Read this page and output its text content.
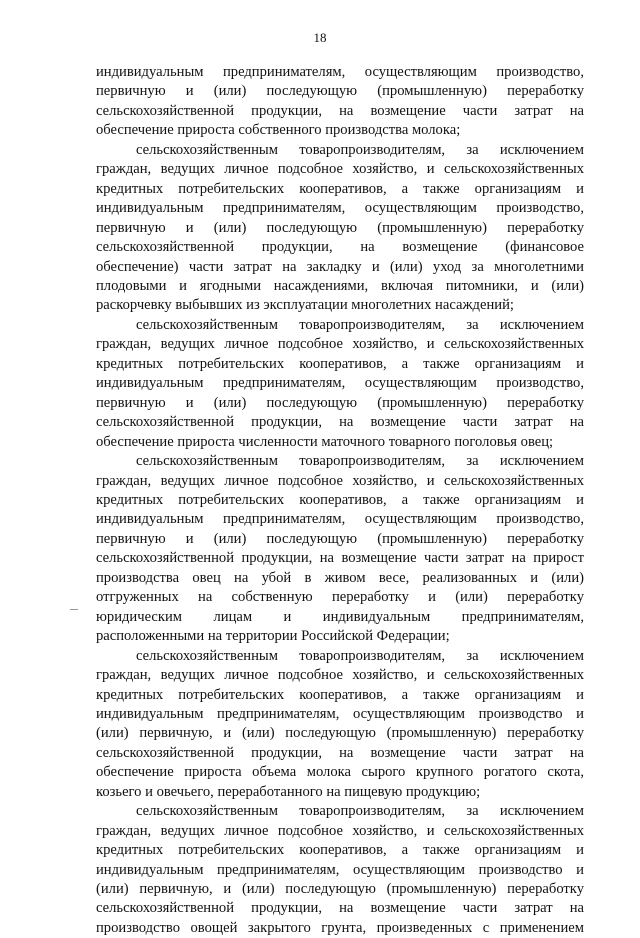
18

индивидуальным предпринимателям, осуществляющим производство,
первичную и (или) последующую (промышленную) переработку
сельскохозяйственной продукции, на возмещение части затрат на
обеспечение прироста собственного производства молока;
сельскохозяйственным товаропроизводителям, за исключением
граждан, ведущих личное подсобное хозяйство, и сельскохозяйственных
кредитных потребительских кооперативов, а также организациям и
индивидуальным предпринимателям, осуществляющим производство,
первичную и (или) последующую (промышленную) переработку
сельскохозяйственной продукции, на возмещение (финансовое
обеспечение) части затрат на закладку и (или) уход за многолетними
плодовыми и ягодными насаждениями, включая питомники, и (или)
раскорчевку выбывших из эксплуатации многолетних насаждений;
сельскохозяйственным товаропроизводителям, за исключением
граждан, ведущих личное подсобное хозяйство, и сельскохозяйственных
кредитных потребительских кооперативов, а также организациям и
индивидуальным предпринимателям, осуществляющим производство,
первичную и (или) последующую (промышленную) переработку
сельскохозяйственной продукции, на возмещение части затрат на
обеспечение прироста численности маточного товарного поголовья овец;
сельскохозяйственным товаропроизводителям, за исключением
граждан, ведущих личное подсобное хозяйство, и сельскохозяйственных
кредитных потребительских кооперативов, а также организациям и
индивидуальным предпринимателям, осуществляющим производство,
первичную и (или) последующую (промышленную) переработку
сельскохозяйственной продукции, на возмещение части затрат на прирост
производства овец на убой в живом весе, реализованных и (или)
отгруженных на собственную переработку и (или) переработку
юридическим лицам и индивидуальным предпринимателям,
расположенными на территории Российской Федерации;
сельскохозяйственным товаропроизводителям, за исключением
граждан, ведущих личное подсобное хозяйство, и сельскохозяйственных
кредитных потребительских кооперативов, а также организациям и
индивидуальным предпринимателям, осуществляющим производство и
(или) первичную, и (или) последующую (промышленную) переработку
сельскохозяйственной продукции, на возмещение части затрат на
обеспечение прироста объема молока сырого крупного рогатого скота,
козьего и овечьего, переработанного на пищевую продукцию;
сельскохозяйственным товаропроизводителям, за исключением
граждан, ведущих личное подсобное хозяйство, и сельскохозяйственных
кредитных потребительских кооперативов, а также организациям и
индивидуальным предпринимателям, осуществляющим производство и
(или) первичную, и (или) последующую (промышленную) переработку
сельскохозяйственной продукции, на возмещение части затрат на
производство овощей закрытого грунта, произведенных с применением
